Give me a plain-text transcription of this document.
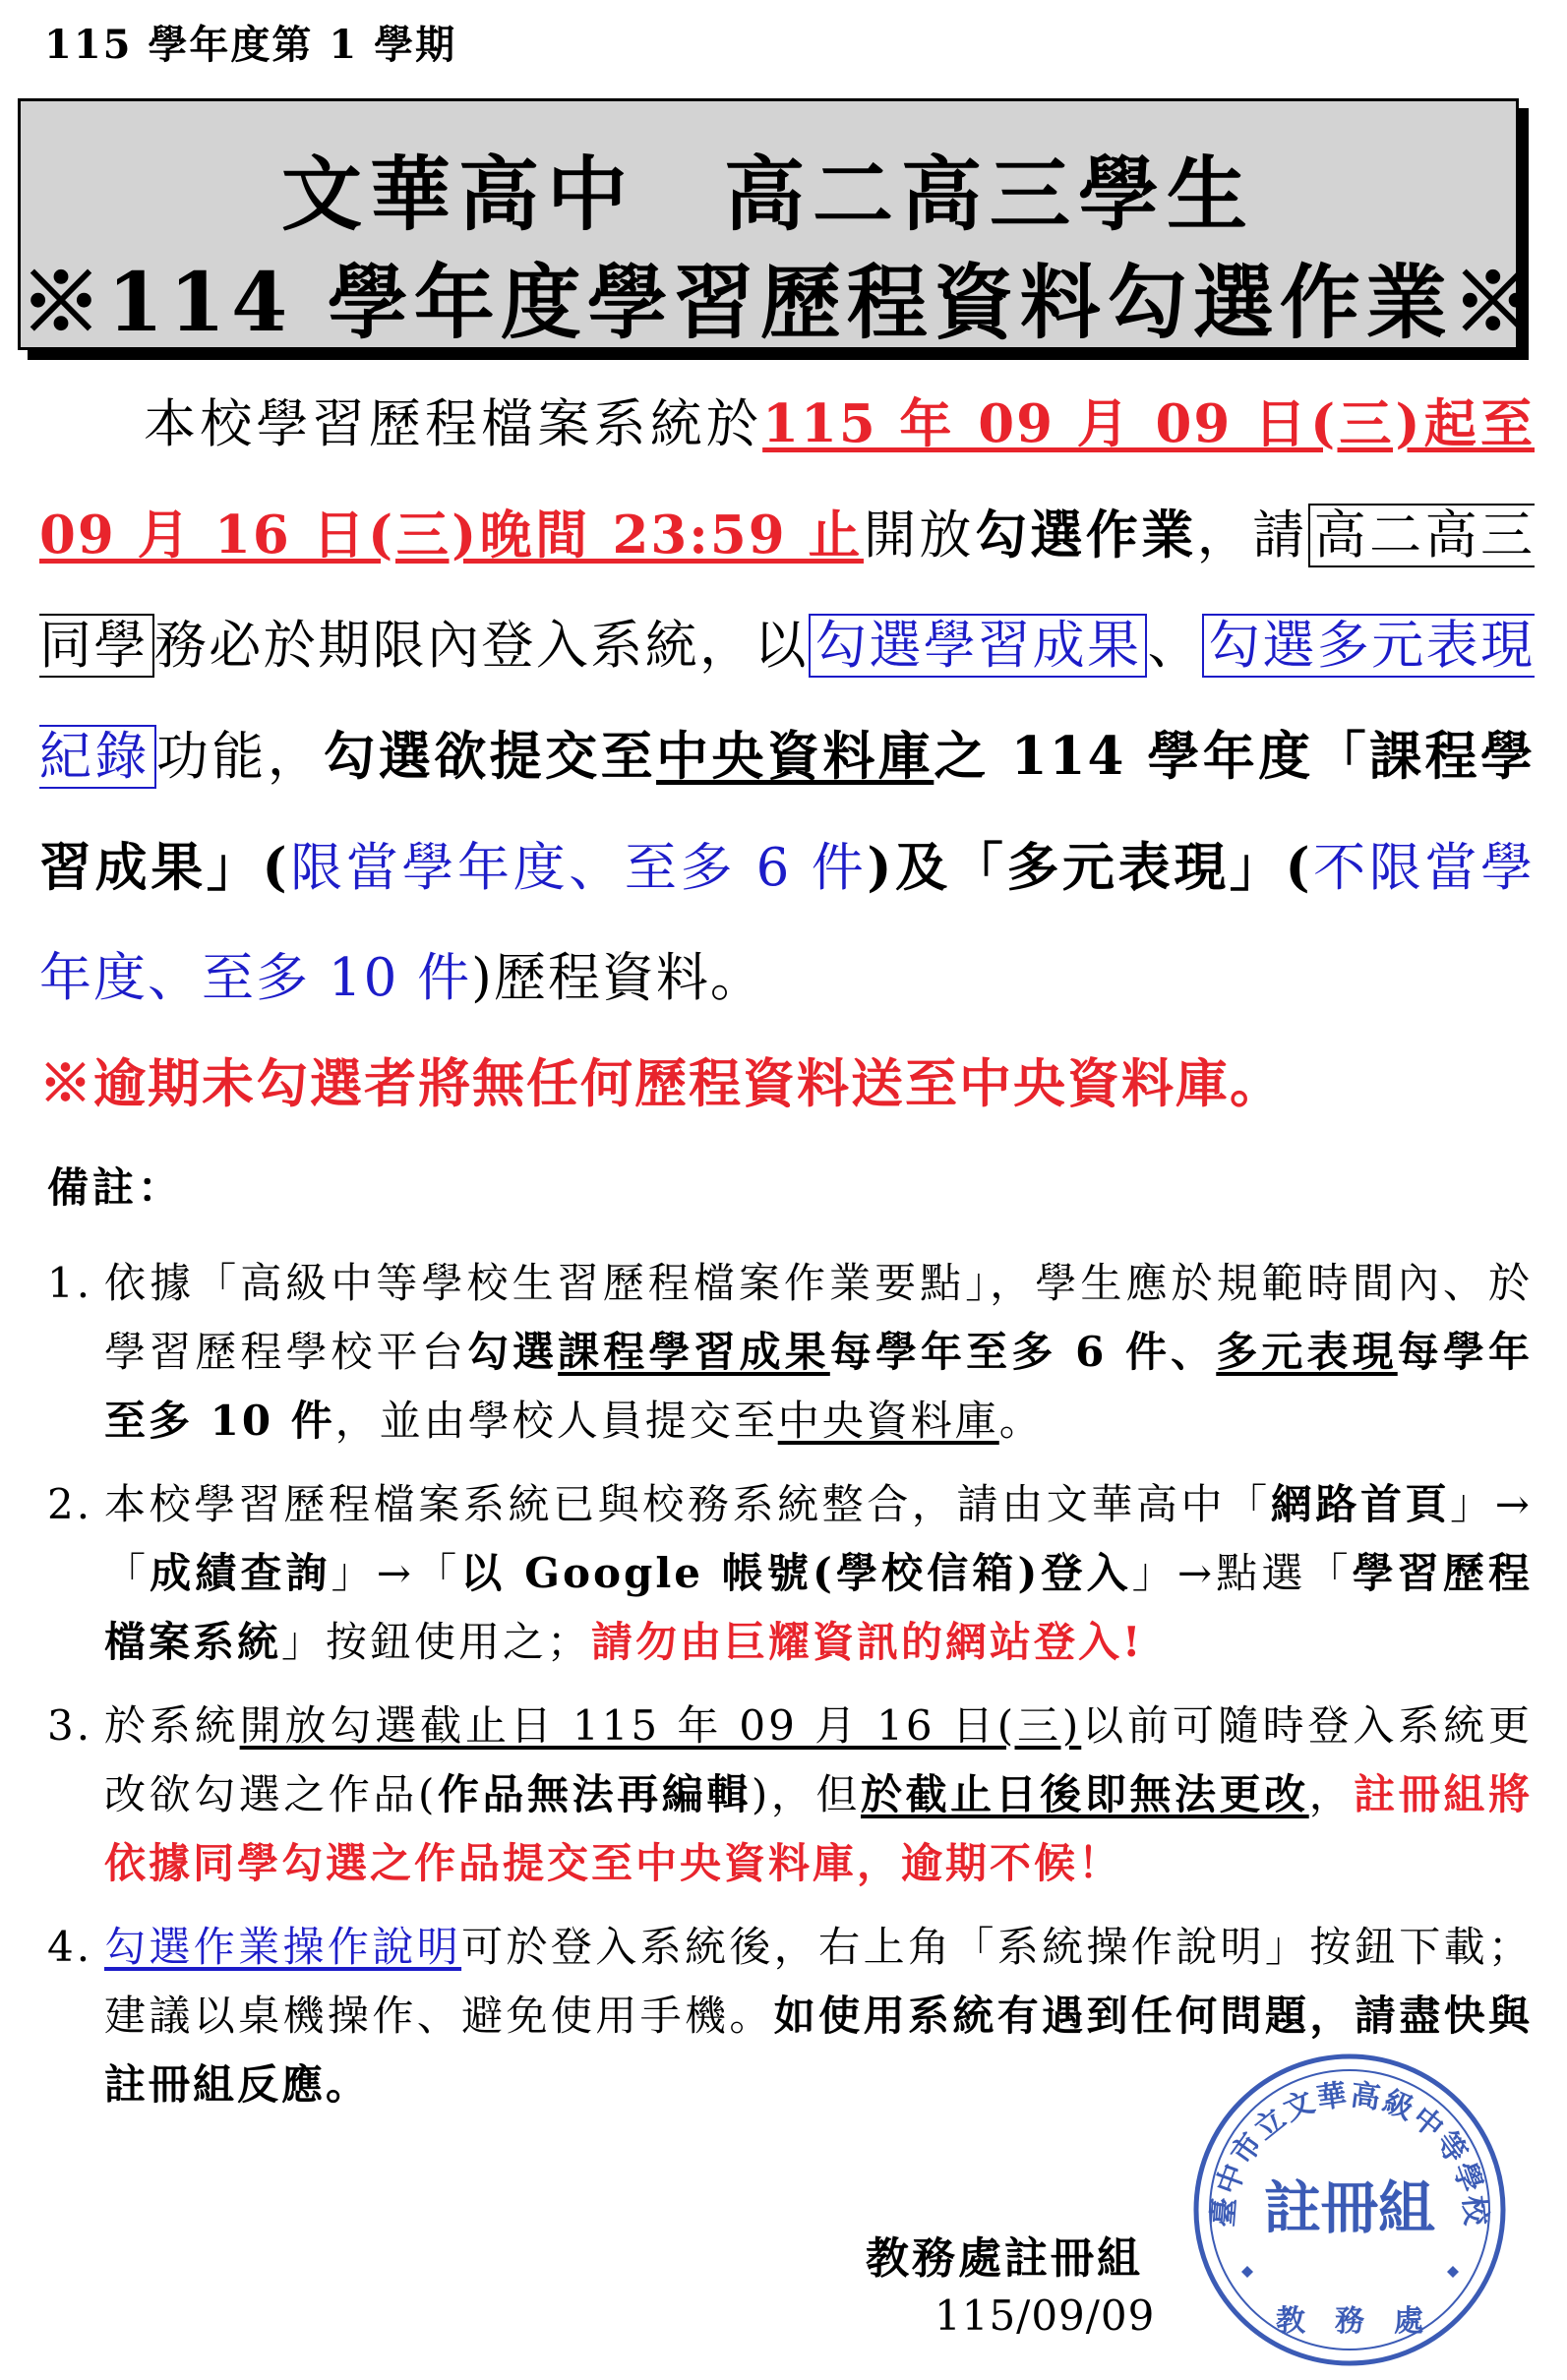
115 學年度第 1 學期
文華高中　高二高三學生
※114 學年度學習歷程資料勾選作業※
本校學習歷程檔案系統於115 年 09 月 09 日(三)起至09 月 16 日(三)晚間 23:59 止開放勾選作業，請 高二高三同學 務必於期限內登入系統，以 勾選學習成果 、 勾選多元表現紀錄 功能，勾選欲提交至中央資料庫之 114 學年度「課程學習成果」(限當學年度、至多 6 件)及「多元表現」(不限當學年度、至多 10 件)歷程資料。
※逾期未勾選者將無任何歷程資料送至中央資料庫。
備註：
1. 依據「高級中等學校生習歷程檔案作業要點」，學生應於規範時間內、於學習歷程學校平台勾選課程學習成果每學年至多 6 件、多元表現每學年至多 10 件，並由學校人員提交至中央資料庫。
2. 本校學習歷程檔案系統已與校務系統整合，請由文華高中「網路首頁」→「成績查詢」→「以 Google 帳號(學校信箱)登入」→點選「學習歷程檔案系統」按鈕使用之；請勿由巨耀資訊的網站登入!
3. 於系統開放勾選截止日 115 年 09 月 16 日(三)以前可隨時登入系統更改欲勾選之作品(作品無法再編輯)，但於截止日後即無法更改，註冊組將依據同學勾選之作品提交至中央資料庫，逾期不候！
4. 勾選作業操作說明可於登入系統後，右上角「系統操作說明」按鈕下載；建議以桌機操作、避免使用手機。如使用系統有遇到任何問題，請盡快與註冊組反應。
教務處註冊組
115/09/09
臺中市立文華高級中等學校
註冊組
教　務　處
